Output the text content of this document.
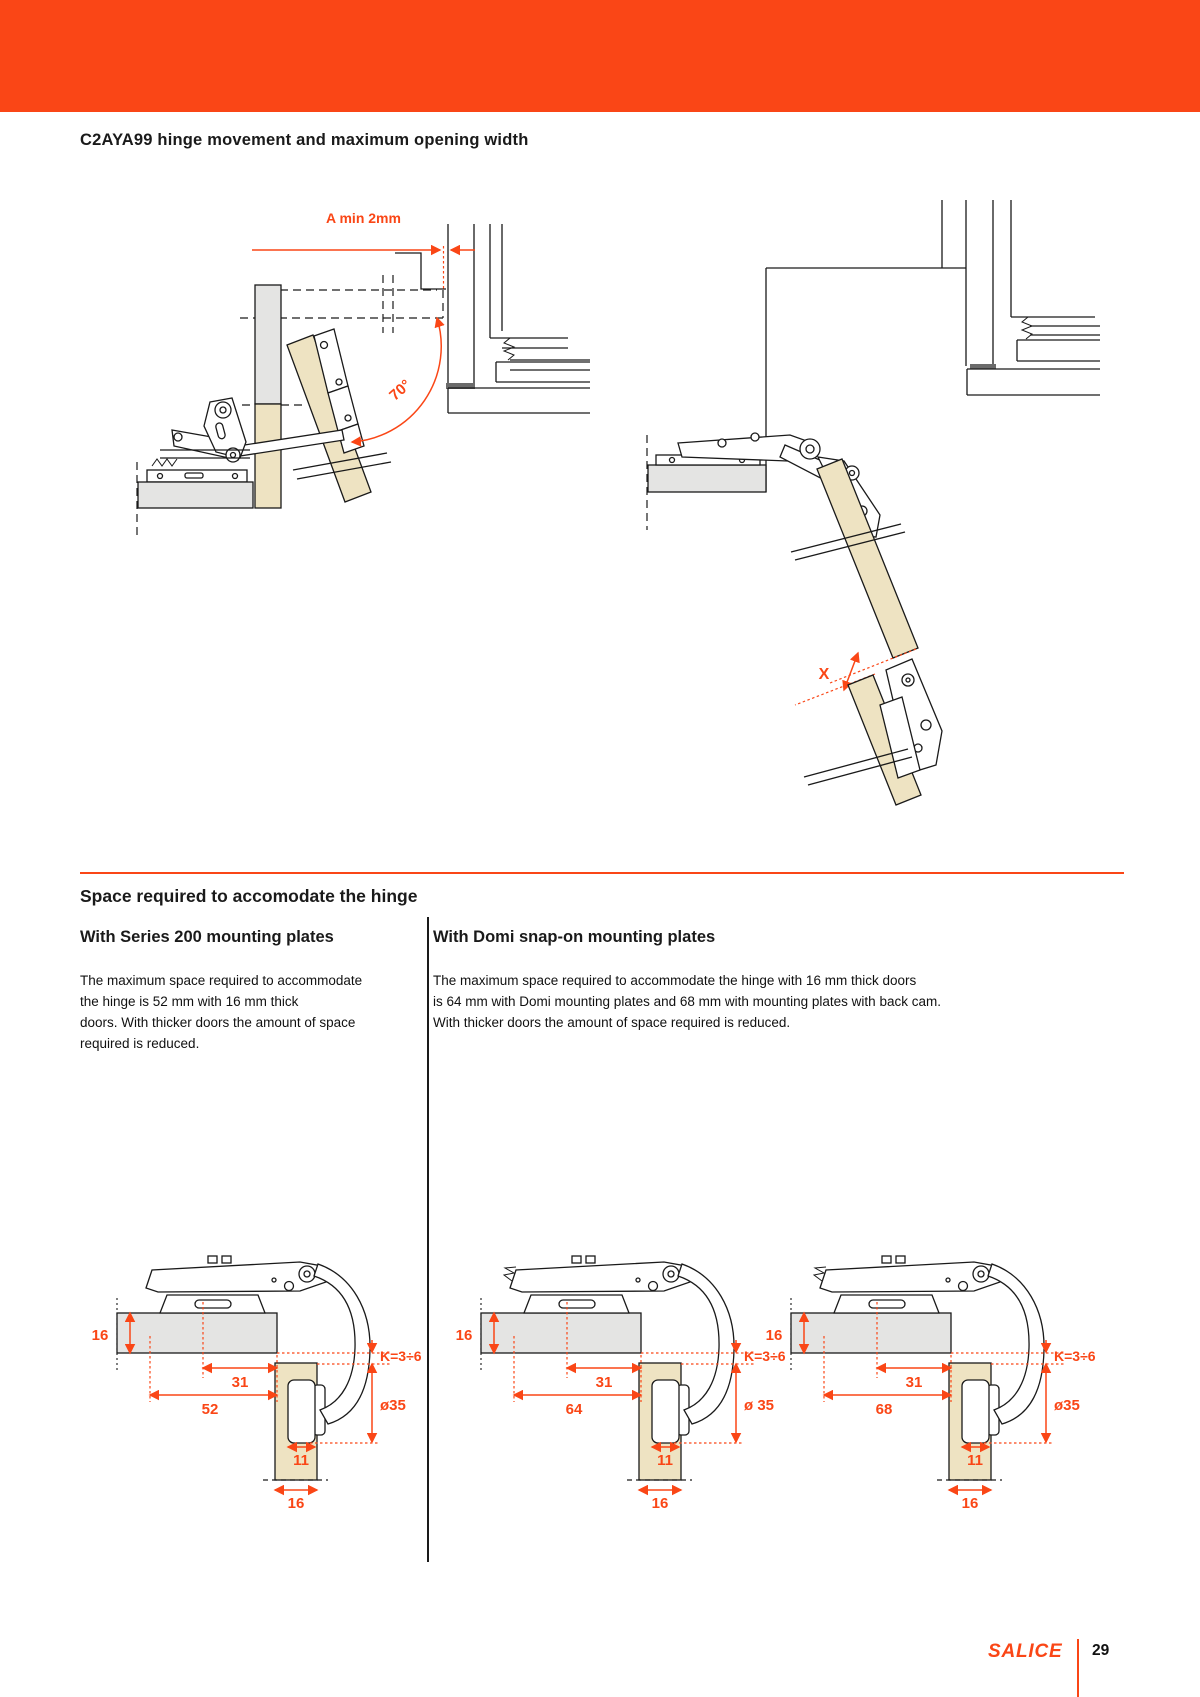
C2AYA99 hinge movement and maximum opening width
A min 2mm
70°
X
Space required to accomodate the hinge
With Series 200 mounting plates	With Domi snap-on mounting plates
The maximum space required to accommodate
the hinge is 52 mm with 16 mm thick
doors. With thicker doors the amount of space
required is reduced.
The maximum space required to accommodate the hinge with 16 mm thick doors
is 64 mm with Domi mounting plates and 68 mm with mounting plates with back cam.
With thicker doors the amount of space required is reduced.
16
31
52
K=3÷6
ø35
11
16
16
31
64
K=3÷6
ø 35
11
16
16
31
68
K=3÷6
ø35
11
16
SALICE 29
